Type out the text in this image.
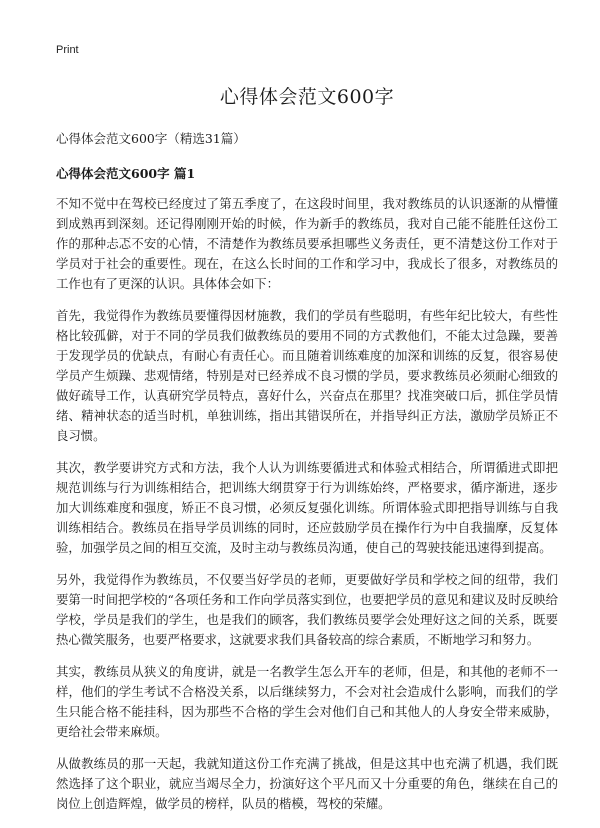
Print
心得体会范文600字

心得体会范文600字（精选31篇）

心得体会范文600字 篇1

不知不觉中在驾校已经度过了第五季度了，在这段时间里，我对教练员的认识逐渐的从懵懂到成熟再到深刻。还记得刚刚开始的时候，作为新手的教练员，我对自己能不能胜任这份工作的那种忐忑不安的心情，不清楚作为教练员要承担哪些义务责任，更不清楚这份工作对于学员对于社会的重要性。现在，在这么长时间的工作和学习中，我成长了很多，对教练员的工作也有了更深的认识。具体体会如下：

首先，我觉得作为教练员要懂得因材施教，我们的学员有些聪明，有些年纪比较大，有些性格比较孤僻，对于不同的学员我们做教练员的要用不同的方式教他们，不能太过急躁，要善于发现学员的优缺点，有耐心有责任心。而且随着训练难度的加深和训练的反复，很容易使学员产生烦躁、悲观情绪，特别是对已经养成不良习惯的学员，要求教练员必须耐心细致的做好疏导工作，认真研究学员特点，喜好什么，兴奋点在那里？找准突破口后，抓住学员情绪、精神状态的适当时机，单独训练，指出其错误所在，并指导纠正方法，激励学员矫正不良习惯。

其次，教学要讲究方式和方法，我个人认为训练要循进式和体验式相结合，所谓循进式即把规范训练与行为训练相结合，把训练大纲贯穿于行为训练始终，严格要求，循序渐进，逐步加大训练难度和强度，矫正不良习惯，必须反复强化训练。所谓体验式即把指导训练与自我训练相结合。教练员在指导学员训练的同时，还应鼓励学员在操作行为中自我揣摩，反复体验，加强学员之间的相互交流，及时主动与教练员沟通，使自己的驾驶技能迅速得到提高。

另外，我觉得作为教练员，不仅要当好学员的老师，更要做好学员和学校之间的纽带，我们要第一时间把学校的“各项任务和工作向学员落实到位，也要把学员的意见和建议及时反映给学校，学员是我们的学生，也是我们的顾客，我们教练员要学会处理好这之间的关系，既要热心微笑服务，也要严格要求，这就要求我们具备较高的综合素质，不断地学习和努力。

其实，教练员从狭义的角度讲，就是一名教学生怎么开车的老师，但是，和其他的老师不一样，他们的学生考试不合格没关系，以后继续努力，不会对社会造成什么影响，而我们的学生只能合格不能挂科，因为那些不合格的学生会对他们自己和其他人的人身安全带来威胁，更给社会带来麻烦。

从做教练员的那一天起，我就知道这份工作充满了挑战，但是这其中也充满了机遇，我们既然选择了这个职业，就应当竭尽全力，扮演好这个平凡而又十分重要的角色，继续在自己的岗位上创造辉煌，做学员的榜样，队员的楷模，驾校的荣耀。
